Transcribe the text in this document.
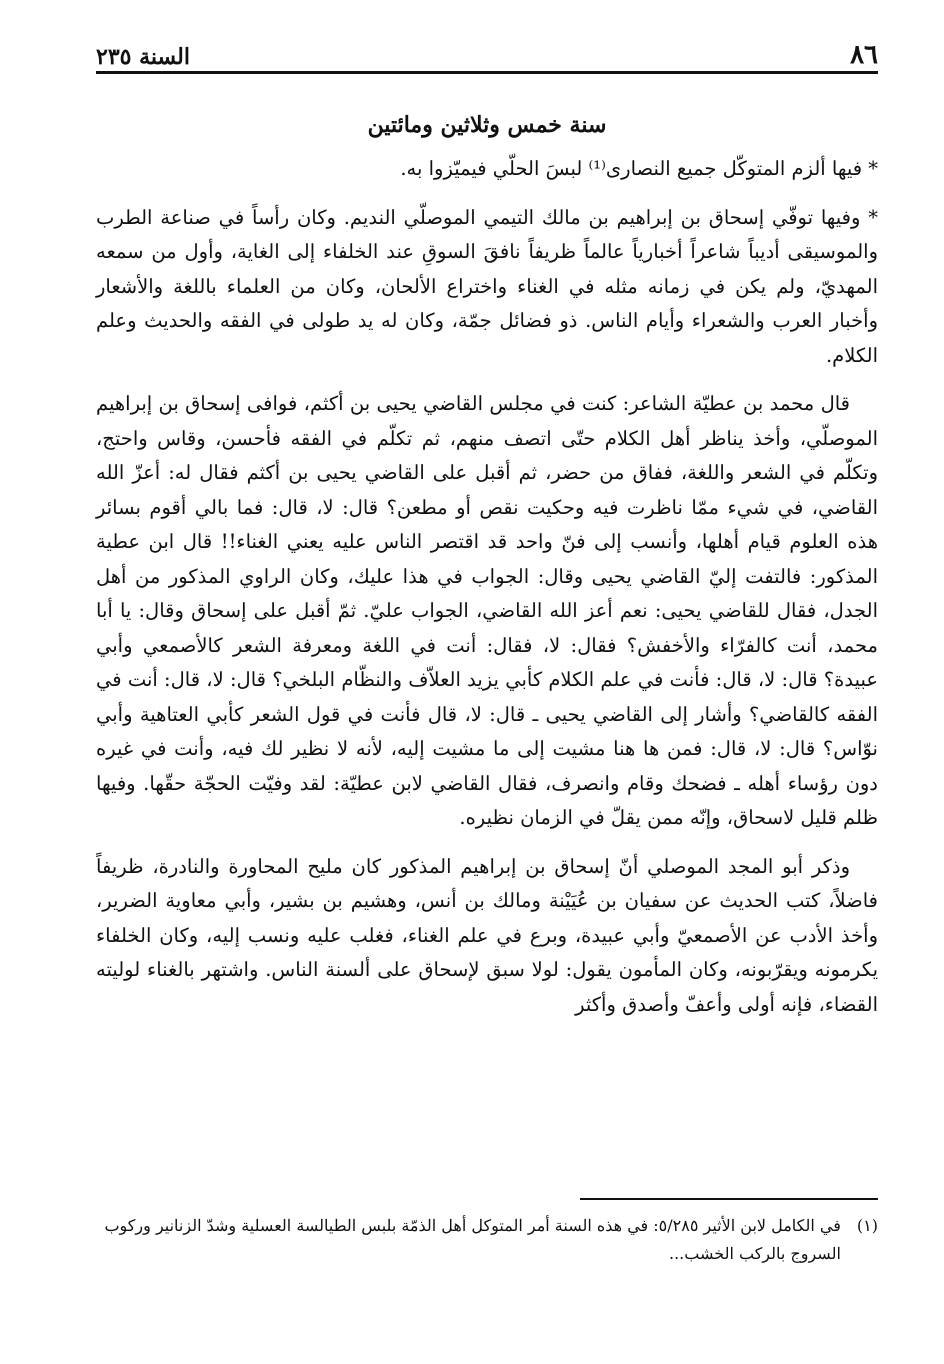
٨٦
السنة ٢٣٥
سنة خمس وثلاثين ومائتين

* فيها ألزم المتوكّل جميع النصارى⁽¹⁾ لبسَ الحلّي فيميّزوا به.

* وفيها توفّي إسحاق بن إبراهيم بن مالك التيمي الموصلّي النديم. وكان رأساً في صناعة الطرب والموسيقى أديباً شاعراً أخبارياً عالماً ظريفاً نافقَ السوقِ عند الخلفاء إلى الغاية، وأول من سمعه المهديّ، ولم يكن في زمانه مثله في الغناء واختراع الألحان، وكان من العلماء باللغة والأشعار وأخبار العرب والشعراء وأيام الناس. ذو فضائل جمّة، وكان له يد طولى في الفقه والحديث وعلم الكلام.

قال محمد بن عطيّة الشاعر: كنت في مجلس القاضي يحيى بن أكثم، فوافى إسحاق بن إبراهيم الموصلّي، وأخذ يناظر أهل الكلام حتّى اتصف منهم، ثم تكلّم في الفقه فأحسن، وقاس واحتج، وتكلّم في الشعر واللغة، ففاق من حضر، ثم أقبل على القاضي يحيى بن أكثم فقال له: أعزّ الله القاضي، في شيء ممّا ناظرت فيه وحكيت نقص أو مطعن؟ قال: لا، قال: فما بالي أقوم بسائر هذه العلوم قيام أهلها، وأنسب إلى فنّ واحد قد اقتصر الناس عليه يعني الغناء!! قال ابن عطية المذكور: فالتفت إليّ القاضي يحيى وقال: الجواب في هذا عليك، وكان الراوي المذكور من أهل الجدل، فقال للقاضي يحيى: نعم أعز الله القاضي، الجواب عليّ. ثمّ أقبل على إسحاق وقال: يا أبا محمد، أنت كالفرّاء والأخفش؟ فقال: لا، فقال: أنت في اللغة ومعرفة الشعر كالأصمعي وأبي عبيدة؟ قال: لا، قال: فأنت في علم الكلام كأبي يزيد العلاّف والنظّام البلخي؟ قال: لا، قال: أنت في الفقه كالقاضي؟ وأشار إلى القاضي يحيى ـ قال: لا، قال فأنت في قول الشعر كأبي العتاهية وأبي نوّاس؟ قال: لا، قال: فمن ها هنا مشيت إلى ما مشيت إليه، لأنه لا نظير لك فيه، وأنت في غيره دون رؤساء أهله ـ فضحك وقام وانصرف، فقال القاضي لابن عطيّة: لقد وفيّت الحجّة حقّها. وفيها ظلم قليل لاسحاق، وإنّه ممن يقلّ في الزمان نظيره.

وذكر أبو المجد الموصلي أنّ إسحاق بن إبراهيم المذكور كان مليح المحاورة والنادرة، ظريفاً فاضلاً، كتب الحديث عن سفيان بن عُيَيْنة ومالك بن أنس، وهشيم بن بشير، وأبي معاوية الضرير، وأخذ الأدب عن الأصمعيّ وأبي عبيدة، وبرع في علم الغناء، فغلب عليه ونسب إليه، وكان الخلفاء يكرمونه ويقرّبونه، وكان المأمون يقول: لولا سبق لإسحاق على ألسنة الناس. واشتهر بالغناء لوليته القضاء، فإنه أولى وأعفّ وأصدق وأكثر

(١)
في الكامل لابن الأثير ٥/٢٨٥: في هذه السنة أمر المتوكل أهل الذمّة بلبس الطيالسة العسلية وشدّ الزنانير وركوب السروج بالركب الخشب...
